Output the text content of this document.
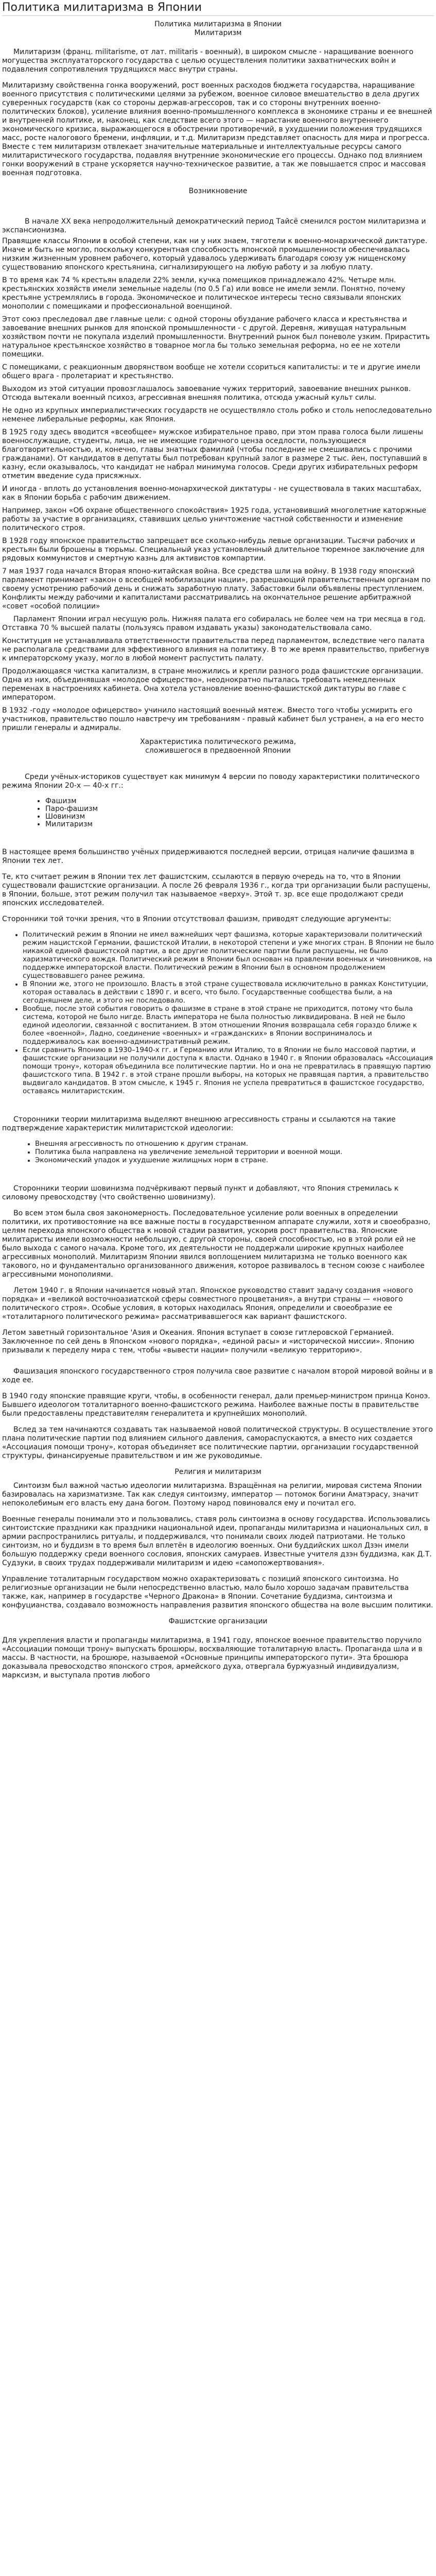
Политика милитаризма в Японии
Политика милитаризма в Японии
Милитаризм

Милитаризм (франц. militarisme, от лат. militaris - военный), в широком смысле - наращивание военного могущества эксплуататорского государства с целью осуществления политики захватнических войн и подавления сопротивления трудящихся масс внутри страны.

Милитаризму свойственна гонка вооружений, рост военных расходов бюджета государства, наращивание военного присутствия с политическими целями за рубежом, военное силовое вмешательство в дела других суверенных государств (как со стороны держав-агрессоров, так и со стороны внутренних военно-политических блоков), усиление влияния военно-промышленного комплекса в экономике страны и ее внешней и внутренней политике, и, наконец, как следствие всего этого — нарастание военного внутреннего экономического кризиса, выражающегося в обострении противоречий, в ухудшении положения трудящихся масс, росте налогового бремени, инфляции, и т.д. Милитаризм представляет опасность для мира и прогресса. Вместе с тем милитаризм отвлекает значительные материальные и интеллектуальные ресурсы самого милитаристического государства, подавляя внутренние экономические его процессы. Однако под влиянием гонки вооружений в стране ускоряется научно-техническое развитие, а так же повышается спрос и массовая военная подготовка.

Возникновение

В начале XX века непродолжительный демократический период Тайсё сменился ростом милитаризма и экспансионизма.

Правящие классы Японии в особой степени, как ни у них знаем, тяготели к военно-монархической диктатуре. Иначе и быть не могло, поскольку конкурентная способность японской промышленности обеспечивалась низким жизненным уровнем рабочего, который удавалось удерживать благодаря союзу уж нищенскому существованию японского крестьянина, сигнализирующего на любую работу и за любую плату.

В то время как 74 % крестьян владели 22% земли, кучка помещиков принадлежало 42%. Четыре млн. крестьянских хозяйств имели земельные наделы (по 0.5 Га) или вовсе не имели земли. Понятно, почему крестьяне устремлялись в города. Экономическое и политическое интересы тесно связывали японских монополии с помещиками и профессиональной военщиной.

Этот союз преследовал две главные цели: с одной стороны обуздание рабочего класса и крестьянства и завоевание внешних рынков для японской промышленности - с другой. Деревня, живущая натуральным хозяйством почти не покупала изделий промышленности. Внутренний рынок был поневоле узким. Прирастить натуральное крестьянское хозяйство в товарное могла бы только земельная реформа, но ее не хотели помещики.

С помещиками, с реакционным дворянством вообще не хотели ссориться капиталисты: и те и другие имели общего врага - пролетариат и крестьянство.

Выходом из этой ситуации провозглашалось завоевание чужих территорий, завоевание внешних рынков. Отсюда вытекали военный психоз, агрессивная внешняя политика, отсюда ужасный культ силы.

Не одно из крупных империалистических государств не осуществляло столь робко и столь непоследовательно неменее либеральные реформы, как Япония.

В 1925 году здесь вводится «всеобщее» мужское избирательное право, при этом права голоса были лишены военнослужащие, студенты, лица, не не имеющие годичного ценза оседлости, пользующиеся благотворительностью, и, конечно, главы знатных фамилий (чтобы последние не смешивались с прочими гражданами). От кандидатов в депутаты был потребован крупный залог в размере 2 тыс. йен, поступавший в казну, если оказывалось, что кандидат не набрал минимума голосов. Среди других избирательных реформ отметим введение суда присяжных.

И иногда - вплоть до установления военно-монархической диктатуры - не существовала в таких масштабах, как в Японии борьба с рабочим движением.

Например, закон «Об охране общественного спокойствия» 1925 года, установивший многолетние каторжные работы за участие в организациях, ставивших целью уничтожение частной собственности и изменение политического строя.

В 1928 году японское правительство запрещает все сколько-нибудь левые организации. Тысячи рабочих и крестьян были брошены в тюрьмы. Специальный указ установленный длительное тюремное заключение для рядовых коммунистов и смертную казнь для активистов компартии.

7 мая 1937 года начался Вторая японо-китайская война. Все средства шли на войну. В 1938 году японский парламент принимает «закон о всеобщей мобилизации нации», разрешающий правительственным органам по своему усмотрению рабочий день и снижать заработную плату. Забастовки были объявлены преступлением. Конфликты между рабочими и капиталистами рассматривались на окончательное решение арбитражной «совет «особой полиции»

Парламент Японии играл несущую роль. Нижняя палата его собиралась не более чем на три месяца в год. Отставка 70 % высшей палаты (пользуясь правом издавать указы) законодательствовала само.

Конституция не устанавливала ответственности правительства перед парламентом, вследствие чего палата не располагала средствами для эффективного влияния на политику. В то же время правительство, прибегнув к императорскому указу, могло в любой момент распустить палату.

Продолжающаяся чистка капитализм, в стране множились и крепли разного рода фашистские организации. Одна из них, объединявшая «молодое офицерство», неоднократно пыталась требовать немедленных переменах в настроениях кабинета. Она хотела установление военно-фашистской диктатуры во главе с императором.

В 1932 -году «молодое офицерство» учинило настоящий военный мятеж. Вместо того чтобы усмирить его участников, правительство пошло навстречу им требованиям - правый кабинет был устранен, а на его место пришли генералы и адмиралы.

Характеристика политического режима,
сложившегося в предвоенной Японии

Среди учёных-историков существует как минимум 4 версии по поводу характеристики политического режима Японии 20-х — 40-х гг.:

• Фашизм
• Паро-фашизм
• Шовинизм
• Милитаризм

В настоящее время большинство учёных придерживаются последней версии, отрицая наличие фашизма в Японии тех лет.

Те, кто считает режим в Японии тех лет фашистским, ссылаются в первую очередь на то, что в Японии существовали фашистские организации. А после 26 февраля 1936 г., когда три организации были распущены, в Японии, больше, этот режим получил так называемое «верху». Этой т. зр. все еще продолжают среди японских исследователей.

Сторонники той точки зрения, что в Японии отсутствовал фашизм, приводят следующие аргументы:

• Политический режим в Японии не имел важнейших черт фашизма, которые характеризовали политический режим нацистской Германии, фашистской Италии, в некоторой степени и уже многих стран. В Японии не было никакой единой фашистской партии, а все другие политические партии были распущены, не было харизматического вождя. Политический режим в Японии был основан на правлении военных и чиновников, на поддержке императорской власти. Политический режим в Японии был в основном продолжением существовавшего ранее режима.
• В Японии же, этого не произошло. Власть в этой стране существовала исключительно в рамках Конституции, которая оставалась в действии с 1890 г. и всего, что было. Государственные сообщества были, а на сегодняшнем деле, и этого не последовало.
• Вообще, после этой события говорить о фашизме в стране в этой стране не приходится, потому что была система, которой не было нигде. Власть императора не была полностью ликвидирована. В ней не было единой идеологии, связанной с воспитанием. В этом отношении Япония возвращала себя гораздо ближе к более «военной», Ладно, соединение «военных» и «гражданских» в Японии воспринималось и поддерживалось как военно-административный режим.
• Если сравнить Японию в 1930–1940-х гг. и Германию или Италию, то в Японии не было массовой партии, и фашистские организации не получили доступа к власти. Однако в 1940 г. в Японии образовалась «Ассоциация помощи трону», которая объединила все политические партии. Но и она не превратилась в правящую партию фашистского типа. В 1942 г. в этой стране прошли выборы, на которых не правящая партия, а правительство выдвигало кандидатов. В этом смысле, к 1945 г. Япония не успела превратиться в фашистское государство, оставаясь милитаристским.

Сторонники теории милитаризма выделяют внешнюю агрессивность страны и ссылаются на такие подтверждение характеристик милитаристской идеологии:

• Внешняя агрессивность по отношению к другим странам.
• Политика была направлена на увеличение земельной территории и военной мощи.
• Экономический упадок и ухудшение жилищных норм в стране.

Сторонники теории шовинизма подчёркивают первый пункт и добавляют, что Япония стремилась к силовому превосходству (что свойственно шовинизму).

Во всем этом была своя закономерность. Последовательное усиление роли военных в определении политики, их противостояние на все важные посты в государственном аппарате служили, хотя и своеобразно, целям перехода японского общества к новой стадии развития, ускорив рост правительства. Японские милитаристы имели возможности небольшую, с другой стороны, своей способностью, но в этой роли ей не было выхода с самого начала. Кроме того, их деятельности не поддержали широкие крупных наиболее агрессивных монополий. Милитаризм Японии явился воплощением милитаризма не только военного как такового, но и фундаментально организованного движения, которое развивалось в тесном союзе с наиболее агрессивными монополиями.

Летом 1940 г. в Японии начинается новый этап. Японское руководство ставит задачу создания «нового порядка» и «великой восточноазиатской сферы совместного процветания», а внутри страны — «нового политического строя». Особые условия, в которых находилась Япония, определили и своеобразие ее «тоталитарного политического режима» рассматривавшегося как вариант фашистского.

Летом заветный горизонтальное 'Азия и Океания. Япония вступает в союзе гитлеровской Германией. Заключенное по сей день в Японском «нового порядка», «единой расы» и «исторической миссии». Японию призывали к переделу мира с тем, чтобы «вывести нации» получили «великую территорию».

Фашизация японского государственного строя получила свое развитие с началом второй мировой войны и в ходе ее.

В 1940 году японские правящие круги, чтобы, в особенности генерал, дали премьер-министром принца Коноэ. Бывшего идеологом тоталитарного военно-фашистского режима. Наиболее важные посты в правительстве были предоставлены представителям генералитета и крупнейших монополий.

Вслед за тем начинаются создавать так называемой новой политической структуры. В осуществление этого плана политические партии под влиянием сильного давления, самораспускаются, а вместо них создается «Ассоциация помощи трону», которая объединяет все политические партии, организации государственной структуры, финансируемые правительством и им же руководимые.

Религия и милитаризм

Синтоизм был важной частью идеологии милитаризма. Взращённая на религии, мировая система Японии базировалась на харизматизме. Так как следуя синтоизму, император — потомок богини Аматэрасу, значит непоколебимым его власть ему дана богом. Поэтому народ повиновался ему и почитал его.

Военные генералы понимали это и пользовались, ставя роль синтоизма в основу государства. Использовались синтоистские праздники как праздники национальной идеи, пропаганды милитаризма и национальных сил, в армии распространились ритуалы, и поддерживался, что понимали своих людей патриотами. Не только синтоизм, но и буддизм в то время был вплетён в идеологию военных. Они буддийских школ Дзэн имели большую поддержку среди военного сословия, японских самураев. Известные учителя дзэн буддизма, как Д.Т. Судзуки, в своих трудах поддерживали милитаризм и идею «самопожертвования».

Управление тоталитарным государством можно охарактеризовать с позиций японского синтоизма. Но религиозные организации не были непосредственно властью, мало было хорошо задачам правительства также, как, например в государстве «Черного Дракона» в Японии. Сочетание буддизма, синтоизма и конфуцианства, создавало возможность направления развития японского общества на воле высшим политики.

Фашистские организации

Для укрепления власти и пропаганды милитаризма, в 1941 году, японское военное правительство поручило «Ассоциации помощи трону» выпускать брошюры, восхваляющие тоталитарную власть. Пропаганда шла и в массы. В частности, на брошюре, называемой «Основные принципы императорского пути». Эта брошюра доказывала превосходство японского строя, армейского духа, отвергала буржуазный индивидуализм, марксизм, и выступала против любого
